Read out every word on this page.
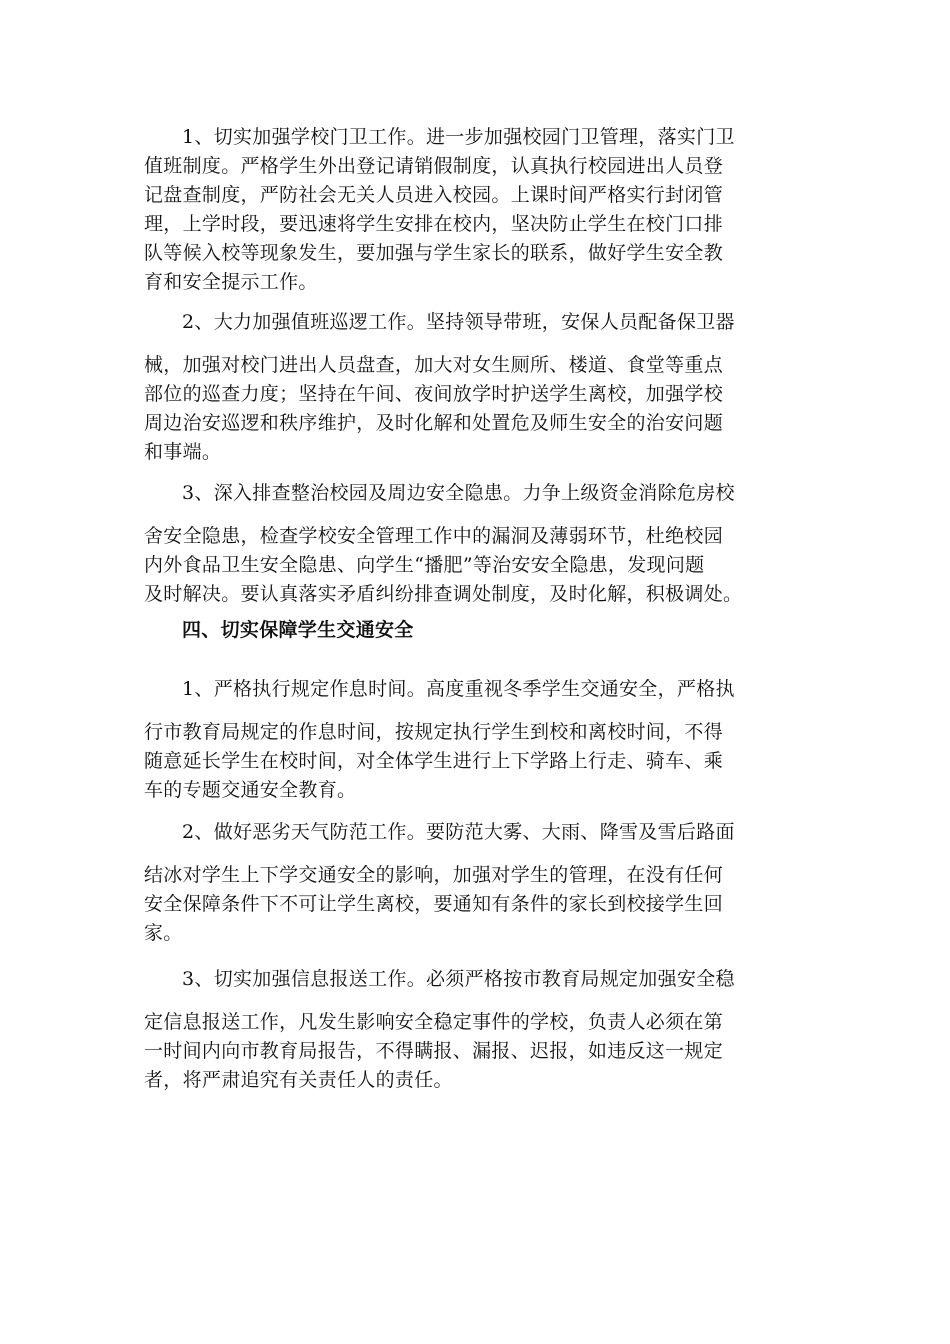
1、切实加强学校门卫工作。进一步加强校园门卫管理，落实门卫
值班制度。严格学生外出登记请销假制度，认真执行校园进出人员登
记盘查制度，严防社会无关人员进入校园。上课时间严格实行封闭管
理，上学时段，要迅速将学生安排在校内，坚决防止学生在校门口排
队等候入校等现象发生，要加强与学生家长的联系，做好学生安全教
育和安全提示工作。
2、大力加强值班巡逻工作。坚持领导带班，安保人员配备保卫器
械，加强对校门进出人员盘查，加大对女生厕所、楼道、食堂等重点
部位的巡查力度；坚持在午间、夜间放学时护送学生离校，加强学校
周边治安巡逻和秩序维护，及时化解和处置危及师生安全的治安问题
和事端。
3、深入排查整治校园及周边安全隐患。力争上级资金消除危房校
舍安全隐患，检查学校安全管理工作中的漏洞及薄弱环节，杜绝校园
内外食品卫生安全隐患、向学生“播肥”等治安安全隐患，发现问题
及时解决。要认真落实矛盾纠纷排查调处制度，及时化解，积极调处。
四、切实保障学生交通安全
1、严格执行规定作息时间。高度重视冬季学生交通安全，严格执
行市教育局规定的作息时间，按规定执行学生到校和离校时间，不得
随意延长学生在校时间，对全体学生进行上下学路上行走、骑车、乘
车的专题交通安全教育。
2、做好恶劣天气防范工作。要防范大雾、大雨、降雪及雪后路面
结冰对学生上下学交通安全的影响，加强对学生的管理，在没有任何
安全保障条件下不可让学生离校，要通知有条件的家长到校接学生回
家。
3、切实加强信息报送工作。必须严格按市教育局规定加强安全稳
定信息报送工作，凡发生影响安全稳定事件的学校，负责人必须在第
一时间内向市教育局报告，不得瞒报、漏报、迟报，如违反这一规定
者，将严肃追究有关责任人的责任。
